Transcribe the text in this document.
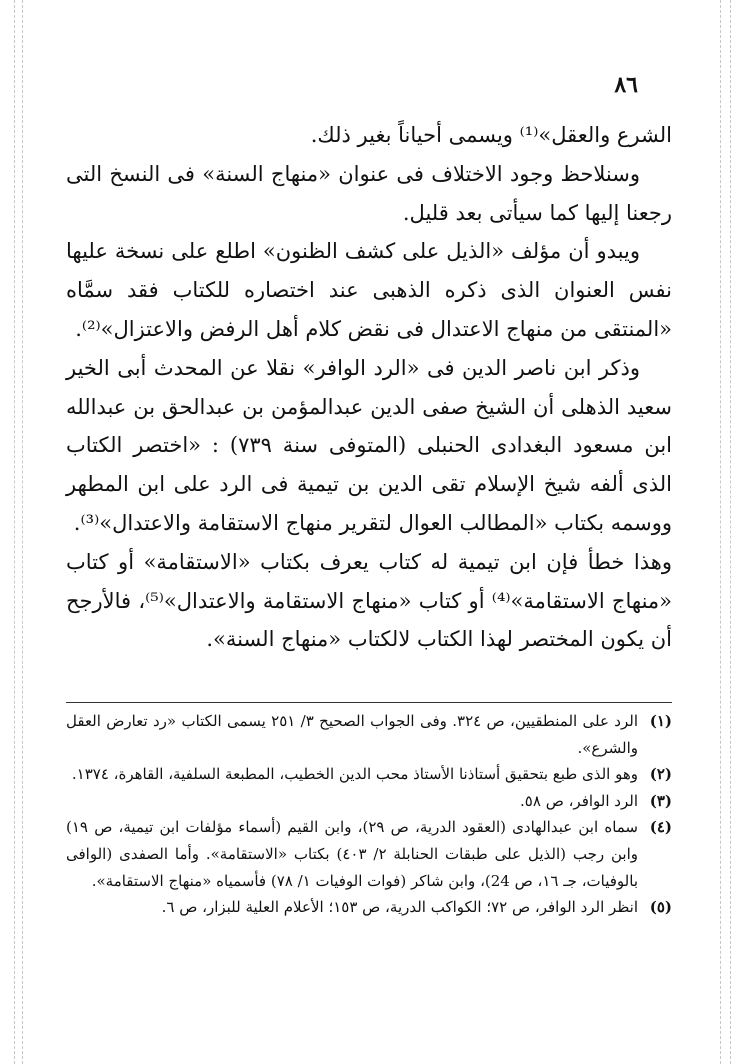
٨٦

الشرع والعقل»⁽¹⁾ ويسمى أحياناً بغير ذلك.

وسنلاحظ وجود الاختلاف فى عنوان «منهاج السنة» فى النسخ التى رجعنا إليها كما سيأتى بعد قليل.

ويبدو أن مؤلف «الذيل على كشف الظنون» اطلع على نسخة عليها نفس العنوان الذى ذكره الذهبى عند اختصاره للكتاب فقد سمَّاه «المنتقى من منهاج الاعتدال فى نقض كلام أهل الرفض والاعتزال»⁽²⁾.

وذكر ابن ناصر الدين فى «الرد الوافر» نقلا عن المحدث أبى الخير سعيد الذهلى أن الشيخ صفى الدين عبدالمؤمن بن عبدالحق بن عبدالله ابن مسعود البغدادى الحنبلى (المتوفى سنة ٧٣٩) : «اختصر الكتاب الذى ألفه شيخ الإسلام تقى الدين بن تيمية فى الرد على ابن المطهر ووسمه بكتاب «المطالب العوال لتقرير منهاج الاستقامة والاعتدال»⁽³⁾.

وهذا خطأ فإن ابن تيمية له كتاب يعرف بكتاب «الاستقامة» أو كتاب «منهاج الاستقامة»⁽⁴⁾ أو كتاب «منهاج الاستقامة والاعتدال»⁽⁵⁾، فالأرجح أن يكون المختصر لهذا الكتاب لالكتاب «منهاج السنة».

(١)
الرد على المنطقيين، ص ٣٢٤. وفى الجواب الصحيح ٣/ ٢٥١ يسمى الكتاب «رد تعارض العقل والشرع».
(٢)
وهو الذى طبع بتحقيق أستاذنا الأستاذ محب الدين الخطيب، المطبعة السلفية، القاهرة، ١٣٧٤.
(٣)
الرد الوافر، ص ٥٨.
(٤)
سماه ابن عبدالهادى (العقود الدرية، ص ٢٩)، وابن القيم (أسماء مؤلفات ابن تيمية، ص ١٩) وابن رجب (الذيل على طبقات الحنابلة ٢/ ٤٠٣) بكتاب «الاستقامة». وأما الصفدى (الوافى بالوفيات، جـ ١٦، ص 24)، وابن شاكر (فوات الوفيات ١/ ٧٨) فأسمياه «منهاج الاستقامة».
(٥)
انظر الرد الوافر، ص ٧٢؛ الكواكب الدرية، ص ١٥٣؛ الأعلام العلية للبزار، ص ٦.
